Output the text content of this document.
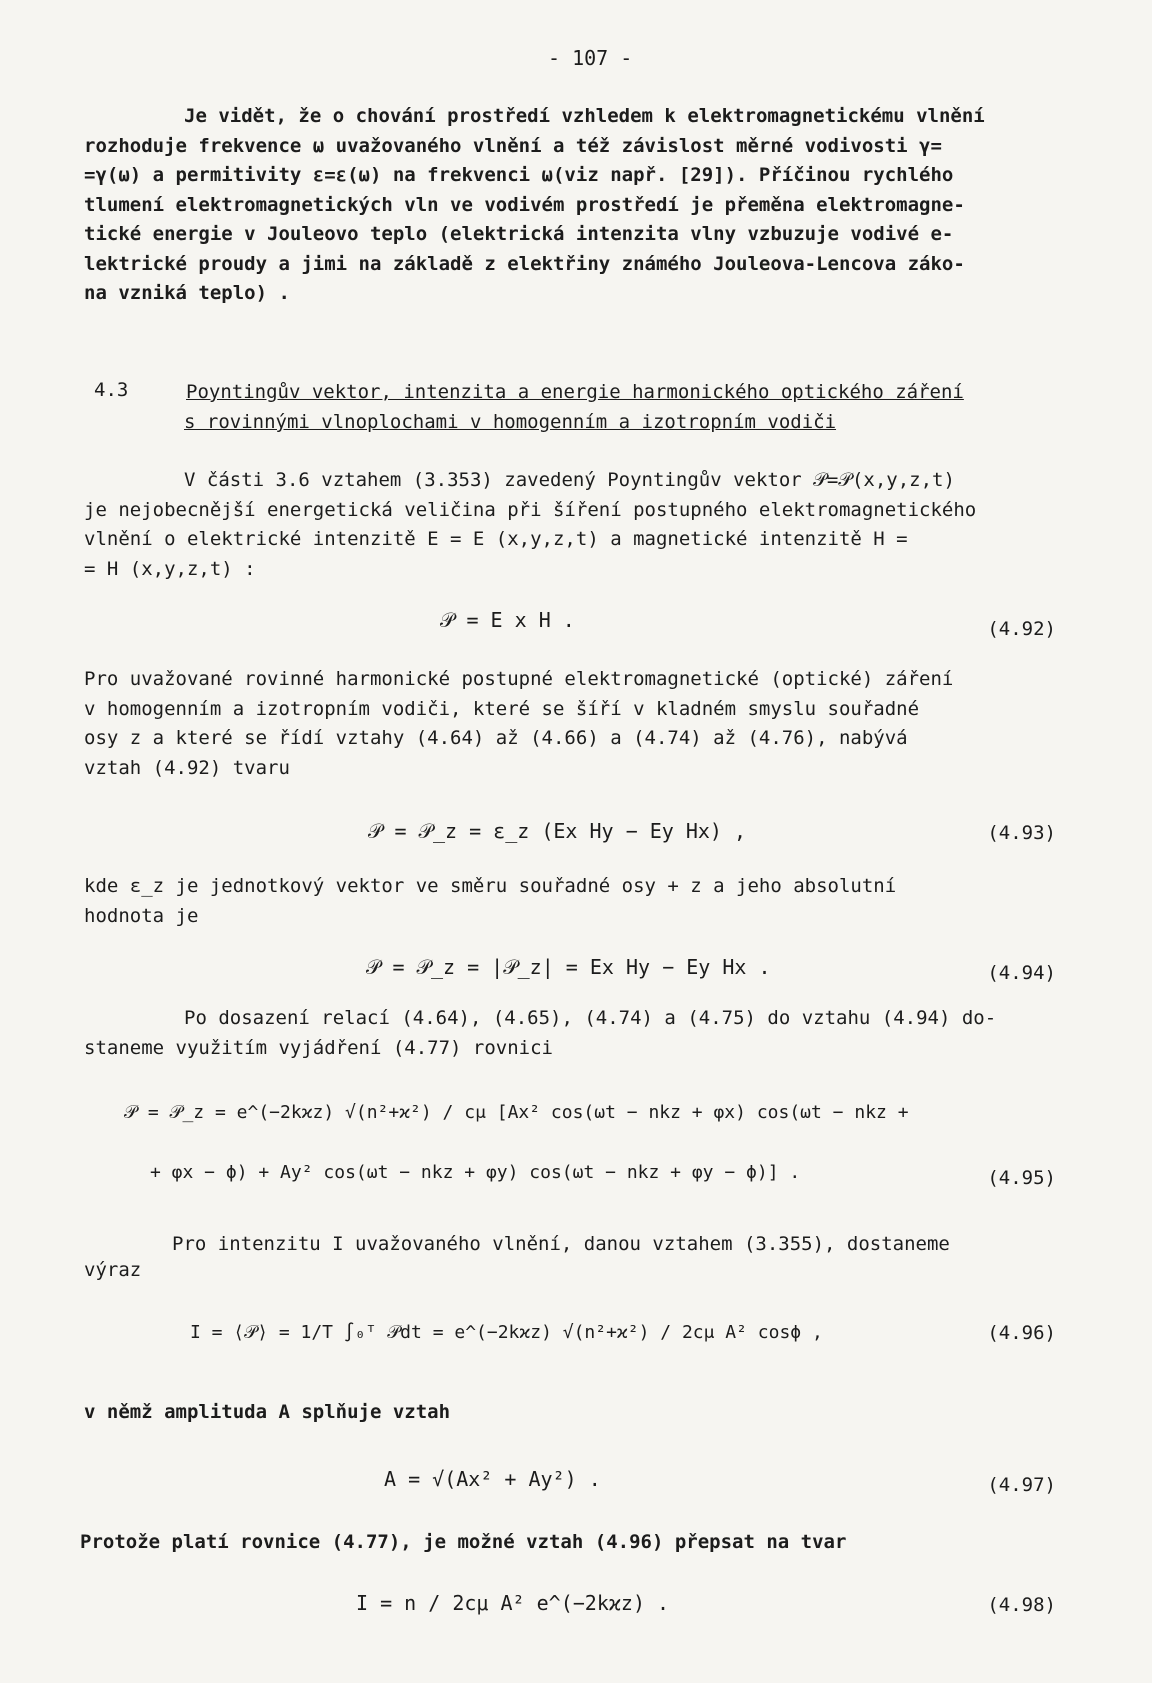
- 107 -
Je vidět, že o chování prostředí vzhledem k elektromagnetickému vlnění
rozhoduje frekvence ω uvažovaného vlnění a též závislost měrné vodivosti γ=
=γ(ω) a permitivity ε=ε(ω) na frekvenci ω(viz např. [29]). Příčinou rychlého
tlumení elektromagnetických vln ve vodivém prostředí je přeměna elektromagne-
tické energie v Jouleovo teplo (elektrická intenzita vlny vzbuzuje vodivé e-
lektrické proudy a jimi na základě z elektřiny známého Jouleova-Lencova záko-
na vzniká teplo) .
4.3	Poyntingův vektor, intenzita a energie harmonického optického záření
s rovinnými vlnoplochami v homogenním a izotropním vodiči
V části 3.6 vztahem (3.353) zavedený Poyntingův vektor 𝒫=𝒫(x,y,z,t)
je nejobecnější energetická veličina při šíření postupného elektromagnetického
vlnění o elektrické intenzitě E = E (x,y,z,t) a magnetické intenzitě H =
= H (x,y,z,t) :
𝒫 = E x H .	(4.92)
Pro uvažované rovinné harmonické postupné elektromagnetické (optické) záření
v homogenním a izotropním vodiči, které se šíří v kladném smyslu souřadné
osy z a které se řídí vztahy (4.64) až (4.66) a (4.74) až (4.76), nabývá
vztah (4.92) tvaru
𝒫 = 𝒫_z = ε_z (Ex Hy − Ey Hx) ,	(4.93)
kde ε_z je jednotkový vektor ve směru souřadné osy + z a jeho absolutní
hodnota je
𝒫 = 𝒫_z = |𝒫_z| = Ex Hy − Ey Hx .	(4.94)
Po dosazení relací (4.64), (4.65), (4.74) a (4.75) do vztahu (4.94) do-
staneme využitím vyjádření (4.77) rovnici
𝒫 = 𝒫_z = e^(−2kϰz) √(n²+ϰ²) / cμ [Ax² cos(ωt − nkz + φx) cos(ωt − nkz +
+ φx − ϕ) + Ay² cos(ωt − nkz + φy) cos(ωt − nkz + φy − ϕ)] .	(4.95)
Pro intenzitu I uvažovaného vlnění, danou vztahem (3.355), dostaneme
výraz
I = ⟨𝒫⟩ = 1/T ∫₀ᵀ 𝒫dt = e^(−2kϰz) √(n²+ϰ²) / 2cμ A² cosϕ ,	(4.96)
v němž amplituda A splňuje vztah
A = √(Ax² + Ay²) .	(4.97)
Protože platí rovnice (4.77), je možné vztah (4.96) přepsat na tvar
I = n / 2cμ A² e^(−2kϰz) .	(4.98)
